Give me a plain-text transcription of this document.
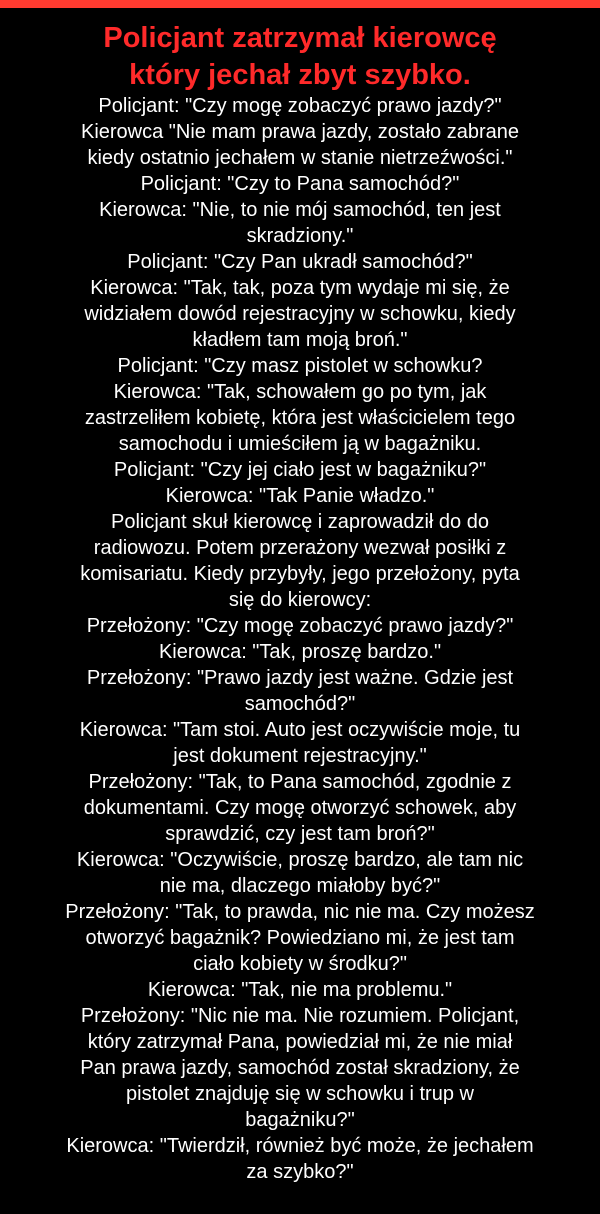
Policjant zatrzymał kierowcę
który jechał zbyt szybko.
Policjant: "Czy mogę zobaczyć prawo jazdy?"
Kierowca "Nie mam prawa jazdy, zostało zabrane
kiedy ostatnio jechałem w stanie nietrzeźwości."
Policjant: "Czy to Pana samochód?"
Kierowca: "Nie, to nie mój samochód, ten jest
skradziony."
Policjant: "Czy Pan ukradł samochód?"
Kierowca: "Tak, tak, poza tym wydaje mi się, że
widziałem dowód rejestracyjny w schowku, kiedy
kładłem tam moją broń."
Policjant: "Czy masz pistolet w schowku?
Kierowca: "Tak, schowałem go po tym, jak
zastrzeliłem kobietę, która jest właścicielem tego
samochodu i umieściłem ją w bagażniku.
Policjant: "Czy jej ciało jest w bagażniku?"
Kierowca: "Tak Panie władzo."
Policjant skuł kierowcę i zaprowadził do do
radiowozu. Potem przerażony wezwał posiłki z
komisariatu. Kiedy przybyły, jego przełożony, pyta
się do kierowcy:
Przełożony: "Czy mogę zobaczyć prawo jazdy?"
Kierowca: "Tak, proszę bardzo."
Przełożony: "Prawo jazdy jest ważne. Gdzie jest
samochód?"
Kierowca: "Tam stoi. Auto jest oczywiście moje, tu
jest dokument rejestracyjny."
Przełożony: "Tak, to Pana samochód, zgodnie z
dokumentami. Czy mogę otworzyć schowek, aby
sprawdzić, czy jest tam broń?"
Kierowca: "Oczywiście, proszę bardzo, ale tam nic
nie ma, dlaczego miałoby być?"
Przełożony: "Tak, to prawda, nic nie ma. Czy możesz
otworzyć bagażnik? Powiedziano mi, że jest tam
ciało kobiety w środku?"
Kierowca: "Tak, nie ma problemu."
Przełożony: "Nic nie ma. Nie rozumiem. Policjant,
który zatrzymał Pana, powiedział mi, że nie miał
Pan prawa jazdy, samochód został skradziony, że
pistolet znajduję się w schowku i trup w
bagażniku?"
Kierowca: "Twierdził, również być może, że jechałem
za szybko?"
